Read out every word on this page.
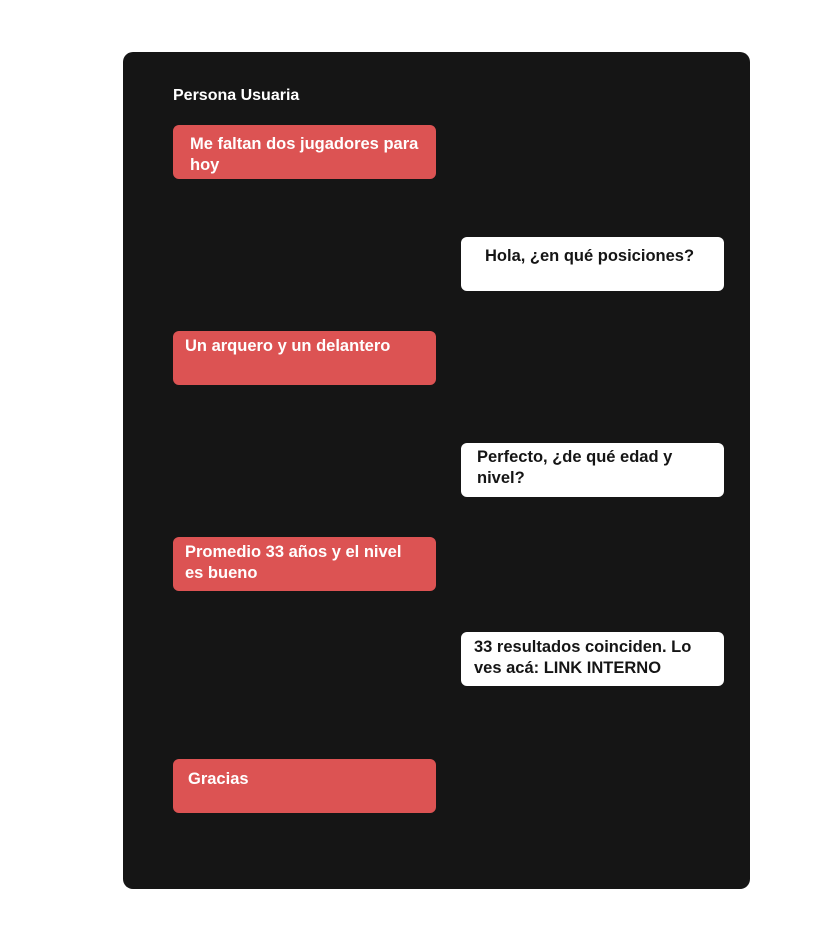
Persona Usuaria
Me faltan dos jugadores para hoy
Hola, ¿en qué posiciones?
Un arquero y un delantero
Perfecto, ¿de qué edad y nivel?
Promedio 33 años y el nivel es bueno
33 resultados coinciden. Lo ves acá: LINK INTERNO
Gracias
